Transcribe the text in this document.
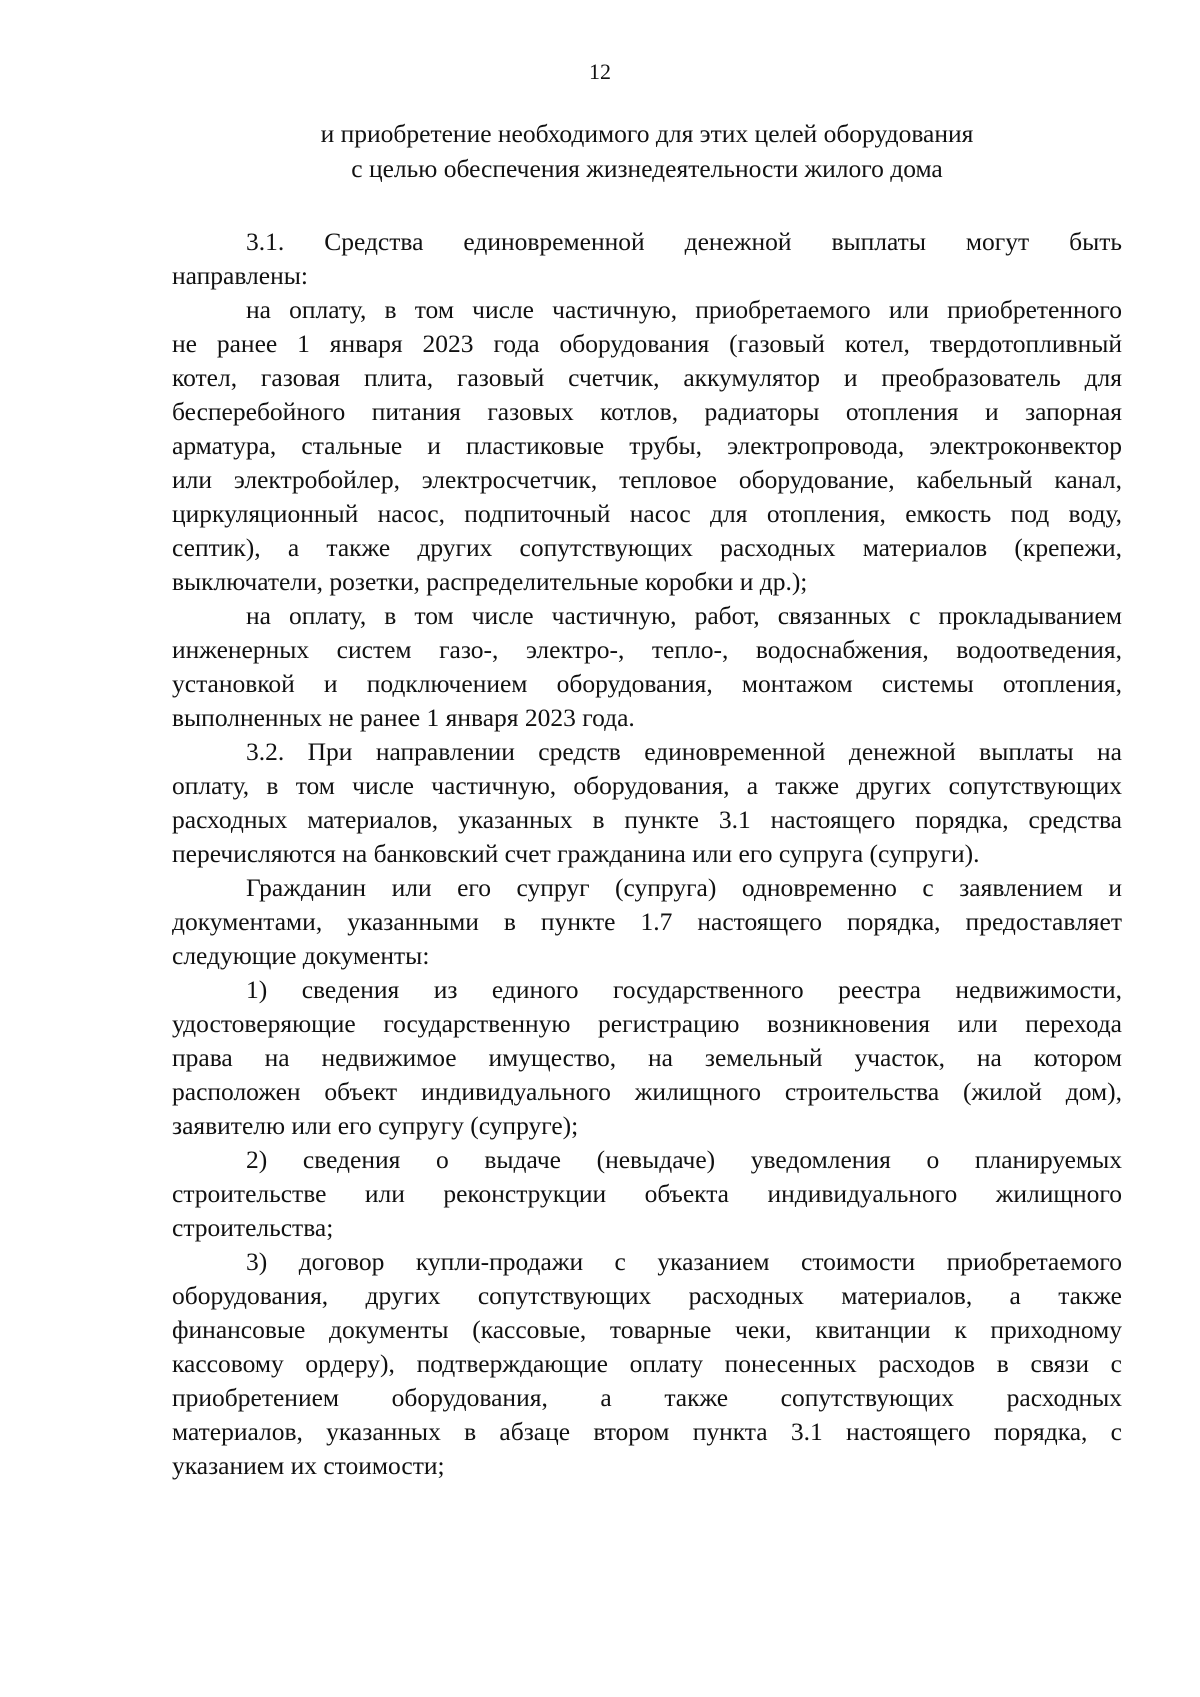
12
и приобретение необходимого для этих целей оборудования
с целью обеспечения жизнедеятельности жилого дома

3.1. Средства единовременной денежной выплаты могут быть
направлены:

на оплату, в том числе частичную, приобретаемого или приобретенного
не ранее 1 января 2023 года оборудования (газовый котел, твердотопливный
котел, газовая плита, газовый счетчик, аккумулятор и преобразователь для
бесперебойного питания газовых котлов, радиаторы отопления и запорная
арматура, стальные и пластиковые трубы, электропровода, электроконвектор
или электробойлер, электросчетчик, тепловое оборудование, кабельный канал,
циркуляционный насос, подпиточный насос для отопления, емкость под воду,
септик), а также других сопутствующих расходных материалов (крепежи,
выключатели, розетки, распределительные коробки и др.);

на оплату, в том числе частичную, работ, связанных с прокладыванием
инженерных систем газо-, электро-, тепло-, водоснабжения, водоотведения,
установкой и подключением оборудования, монтажом системы отопления,
выполненных не ранее 1 января 2023 года.

3.2. При направлении средств единовременной денежной выплаты на
оплату, в том числе частичную, оборудования, а также других сопутствующих
расходных материалов, указанных в пункте 3.1 настоящего порядка, средства
перечисляются на банковский счет гражданина или его супруга (супруги).

Гражданин или его супруг (супруга) одновременно с заявлением и
документами, указанными в пункте 1.7 настоящего порядка, предоставляет
следующие документы:

1) сведения из единого государственного реестра недвижимости,
удостоверяющие государственную регистрацию возникновения или перехода
права на недвижимое имущество, на земельный участок, на котором
расположен объект индивидуального жилищного строительства (жилой дом),
заявителю или его супругу (супруге);

2) сведения о выдаче (невыдаче) уведомления о планируемых
строительстве или реконструкции объекта индивидуального жилищного
строительства;

3) договор купли-продажи с указанием стоимости приобретаемого
оборудования, других сопутствующих расходных материалов, а также
финансовые документы (кассовые, товарные чеки, квитанции к приходному
кассовому ордеру), подтверждающие оплату понесенных расходов в связи с
приобретением оборудования, а также сопутствующих расходных
материалов, указанных в абзаце втором пункта 3.1 настоящего порядка, с
указанием их стоимости;
